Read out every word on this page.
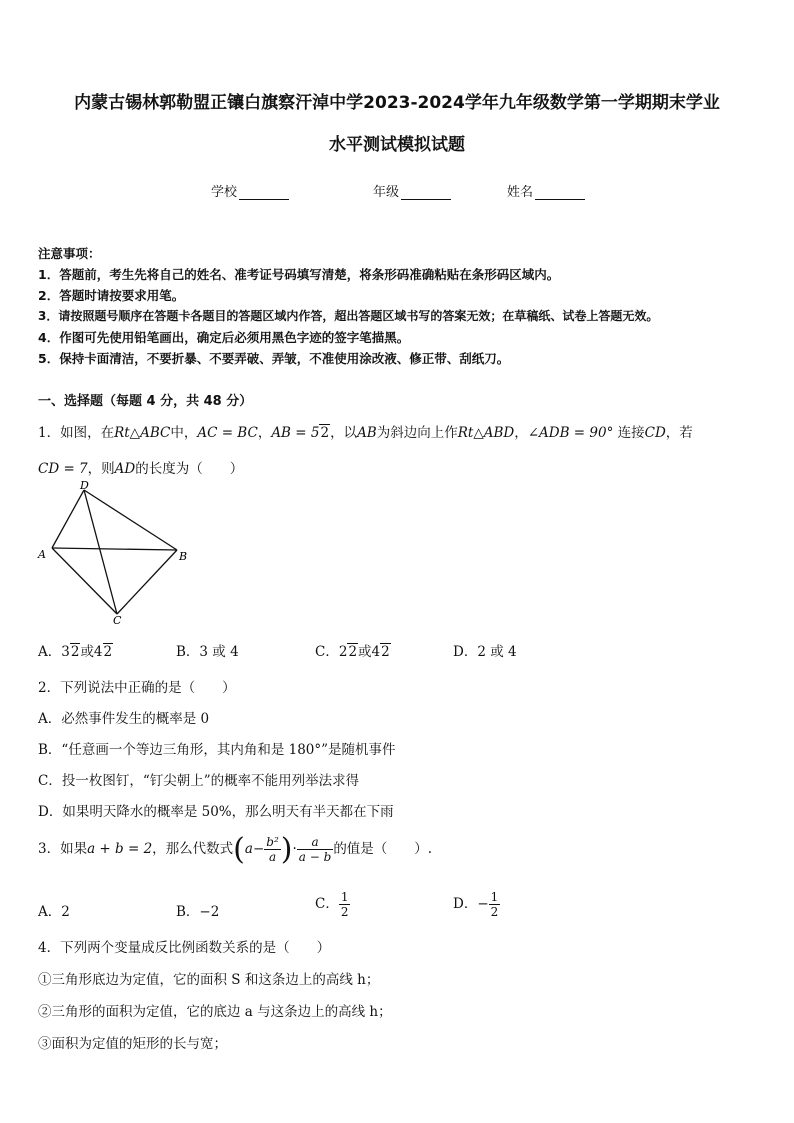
内蒙古锡林郭勒盟正镶白旗察汗淖中学2023-2024学年九年级数学第一学期期末学业
水平测试模拟试题
学校	年级	姓名
注意事项：
1．答题前，考生先将自己的姓名、准考证号码填写清楚，将条形码准确粘贴在条形码区域内。
2．答题时请按要求用笔。
3．请按照题号顺序在答题卡各题目的答题区域内作答，超出答题区域书写的答案无效；在草稿纸、试卷上答题无效。
4．作图可先使用铅笔画出，确定后必须用黑色字迹的签字笔描黑。
5．保持卡面清洁，不要折暴、不要弄破、弄皱，不准使用涂改液、修正带、刮纸刀。
一、选择题（每题 4 分，共 48 分）
1．如图，在Rt△ABC中，AC = BC，AB = 52，以AB为斜边向上作Rt△ABD，∠ADB = 90° 连接CD，若
CD = 7，则AD的长度为（　　）
D
A	B
C
A．32或42	B．3 或 4	C．22或42	D．2 或 4
2．下列说法中正确的是（　　）
A．必然事件发生的概率是 0
B．“任意画一个等边三角形，其内角和是 180°”是随机事件
C．投一枚图钉，“钉尖朝上”的概率不能用列举法求得
D．如果明天降水的概率是 50%，那么明天有半天都在下雨
3．如果a + b = 2，那么代数式($a- \frac{\text{b²}}{a}$ )· $\frac{a}{a - b}$ 的值是（　　）.
A．2	B．−2	C． $\frac{1}{2}$	D．− $\frac{1}{2}$
4．下列两个变量成反比例函数关系的是（　　）
①三角形底边为定值，它的面积 S 和这条边上的高线 h；
②三角形的面积为定值，它的底边 a 与这条边上的高线 h；
③面积为定值的矩形的长与宽；
